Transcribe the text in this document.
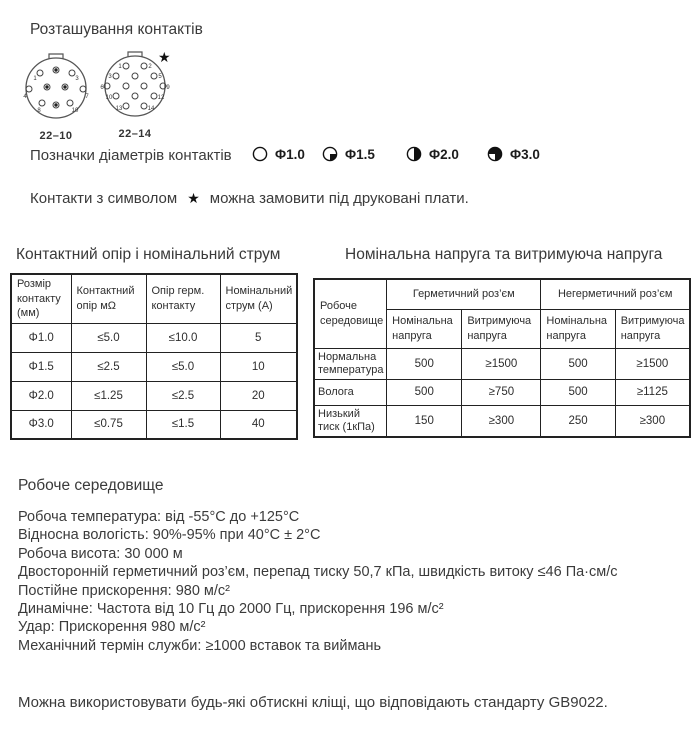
Розташування контактів
1	3
4	7
8	10
22–10
1	2
3	5
6	9
10	12
13	14
★
22–14
Позначки діаметрів контактів	Φ1.0	Φ1.5	Φ2.0	Φ3.0
Контакти з символом ★ можна замовити під друковані плати.
Контактний опір і номінальний струм	Номінальна напруга та витримуюча напруга
Розмір контакту (мм)	Контактний опір мΩ	Опір герм. контакту	Номінальний струм (А)
Φ1.0	≤5.0	≤10.0	5
Φ1.5	≤2.5	≤5.0	10
Φ2.0	≤1.25	≤2.5	20
Φ3.0	≤0.75	≤1.5	40
Робоче середовище	Герметичний роз’єм		Негерметичний роз’єм	
	Номінальна напруга	Витримуюча напруга	Номінальна напруга	Витримуюча напруга
Нормальна температура	500	≥1500	500	≥1500
Волога	500	≥750	500	≥1125
Низький тиск (1кПа)	150	≥300	250	≥300
Робоче середовище
Робоча температура: від -55°C до +125°C
Відносна вологість: 90%-95% при 40°C ± 2°C
Робоча висота: 30 000 м
Двосторонній герметичний роз’єм, перепад тиску 50,7 кПа, швидкість витоку ≤46 Па·см/с
Постійне прискорення: 980 м/с²
Динамічне: Частота від 10 Гц до 2000 Гц, прискорення 196 м/с²
Удар: Прискорення 980 м/с²
Механічний термін служби: ≥1000 вставок та виймань
Можна використовувати будь-які обтискні кліщі, що відповідають стандарту GB9022.
